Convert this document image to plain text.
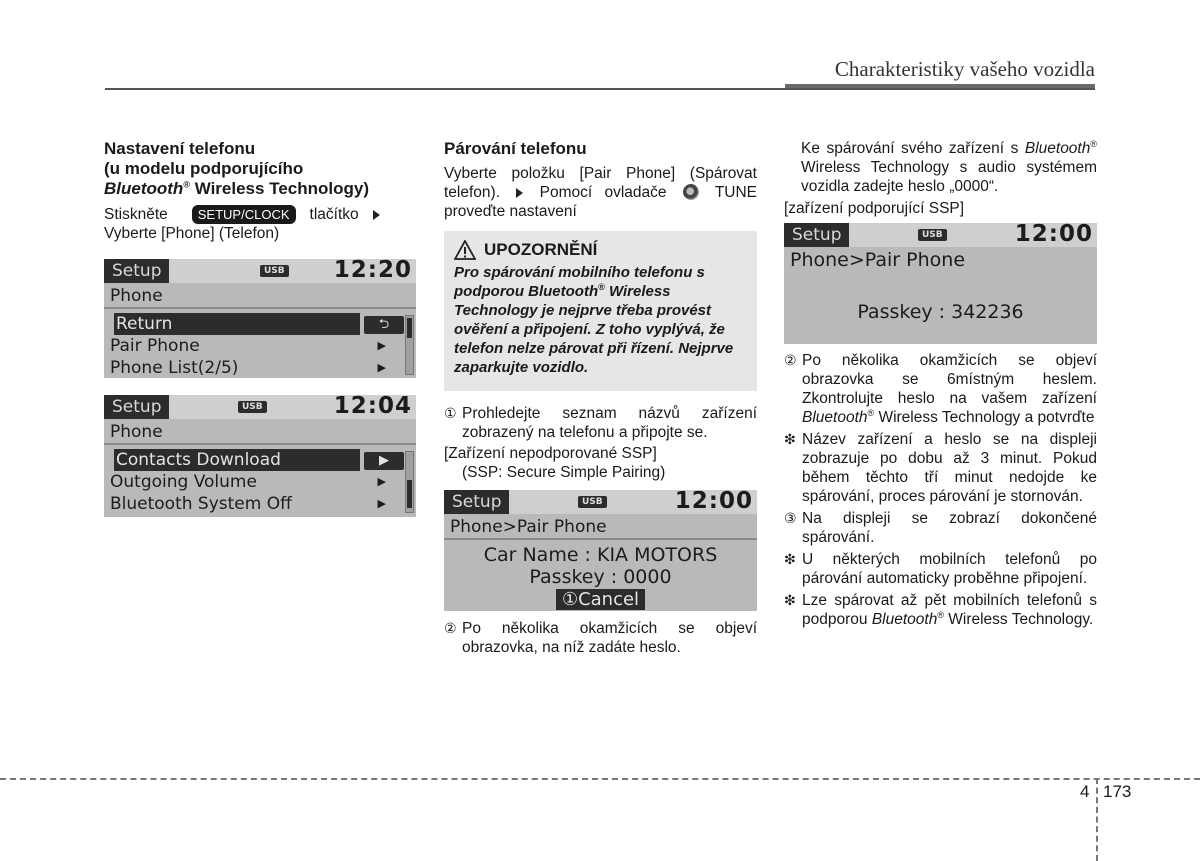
Charakteristiky vašeho vozidla
Nastavení telefonu
(u modelu podporujícího
Bluetooth® Wireless Technology)
Stiskněte SETUP/CLOCK tlačítko
Vyberte [Phone] (Telefon)
Setup	USB 12:20
Phone
Return	⮌
Pair Phone	▶
Phone List(2/5)	▶
Setup	USB	12:04
Phone
Contacts Download	▶
Outgoing Volume	▶
Bluetooth System Off	▶
Párování telefonu
Vyberte položku [Pair Phone] (Spárovat telefon).	Pomocí ovladače	TUNE proveďte nastavení
UPOZORNĚNÍ
Pro spárování mobilního telefonu s podporou Bluetooth® Wireless Technology je nejprve třeba provést ověření a připojení. Z toho vyplývá, že telefon nelze párovat při řízení. Nejprve zaparkujte vozidlo.
① Prohledejte seznam názvů zařízení zobrazený na telefonu a připojte se.
[Zařízení nepodporované SSP]
(SSP: Secure Simple Pairing)
Setup	USB	12:00
Phone>Pair Phone
Car Name : KIA MOTORS
Passkey : 0000
①Cancel
② Po několika okamžicích se objeví obrazovka, na níž zadáte heslo.
Ke spárování svého zařízení s Bluetooth® Wireless Technology s audio systémem vozidla zadejte heslo „0000“.
[zařízení podporující SSP]
Setup	USB	12:00
Phone>Pair Phone
Passkey : 342236
② Po několika okamžicích se objeví obrazovka se 6místným heslem. Zkontrolujte heslo na vašem zařízení Bluetooth® Wireless Technology a potvrďte
❇ Název zařízení a heslo se na displeji zobrazuje po dobu až 3 minut. Pokud během těchto tří minut nedojde ke spárování, proces párování je stornován.
③ Na displeji se zobrazí dokončené spárování.
❇ U některých mobilních telefonů po párování automaticky proběhne připojení.
❇ Lze spárovat až pět mobilních telefonů s podporou Bluetooth® Wireless Technology.
4 173
